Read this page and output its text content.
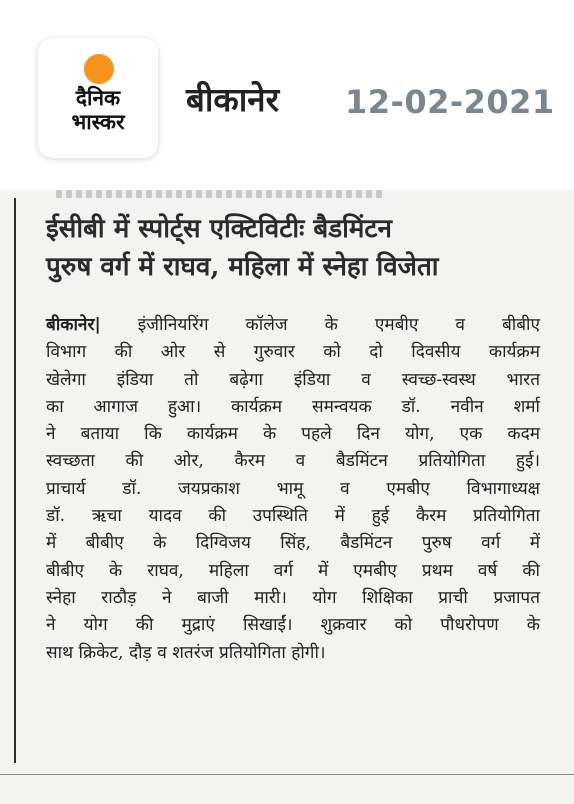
दैनिक
भास्कर
बीकानेर 12-02-2021
ईसीबी में स्पोर्ट्स एक्टिविटीः बैडमिंटन
पुरुष वर्ग में राघव, महिला में स्नेहा विजेता
बीकानेर| इंजीनियरिंग कॉलेज के एमबीए व बीबीए
विभाग की ओर से गुरुवार को दो दिवसीय कार्यक्रम
खेलेगा इंडिया तो बढ़ेगा इंडिया व स्वच्छ-स्वस्थ भारत
का आगाज हुआ। कार्यक्रम समन्वयक डॉ. नवीन शर्मा
ने बताया कि कार्यक्रम के पहले दिन योग, एक कदम
स्वच्छता की ओर, कैरम व बैडमिंटन प्रतियोगिता हुई।
प्राचार्य डॉ. जयप्रकाश भामू व एमबीए विभागाध्यक्ष
डॉ. ऋचा यादव की उपस्थिति में हुई कैरम प्रतियोगिता
में बीबीए के दिग्विजय सिंह, बैडमिंटन पुरुष वर्ग में
बीबीए के राघव, महिला वर्ग में एमबीए प्रथम वर्ष की
स्नेहा राठौड़ ने बाजी मारी। योग शिक्षिका प्राची प्रजापत
ने योग की मुद्राएं सिखाईं। शुक्रवार को पौधरोपण के
साथ क्रिकेट, दौड़ व शतरंज प्रतियोगिता होगी।
